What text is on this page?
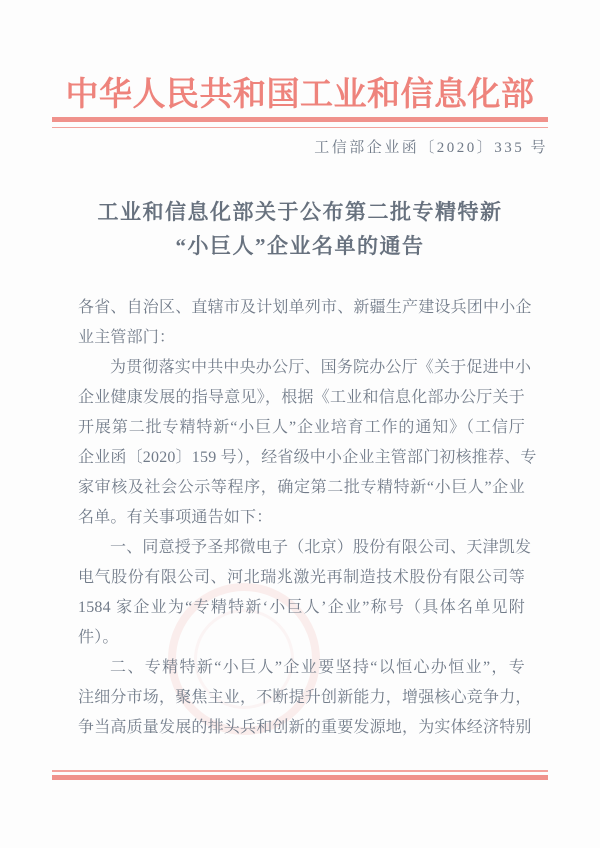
中华人民共和国工业和信息化部
工信部企业函〔2020〕335 号
工业和信息化部关于公布第二批专精特新
“小巨人”企业名单的通告
各省、自治区、直辖市及计划单列市、新疆生产建设兵团中小企
业主管部门：
为贯彻落实中共中央办公厅、国务院办公厅《关于促进中小
企业健康发展的指导意见》，根据《工业和信息化部办公厅关于
开展第二批专精特新“小巨人”企业培育工作的通知》（工信厅
企业函〔2020〕159 号），经省级中小企业主管部门初核推荐、专
家审核及社会公示等程序，确定第二批专精特新“小巨人”企业
名单。有关事项通告如下：
一、同意授予圣邦微电子（北京）股份有限公司、天津凯发
电气股份有限公司、河北瑞兆激光再制造技术股份有限公司等
1584 家企业为“专精特新‘小巨人’企业”称号（具体名单见附
件）。
二、专精特新“小巨人”企业要坚持“以恒心办恒业”，专
注细分市场，聚焦主业，不断提升创新能力，增强核心竞争力，
争当高质量发展的排头兵和创新的重要发源地，为实体经济特别
